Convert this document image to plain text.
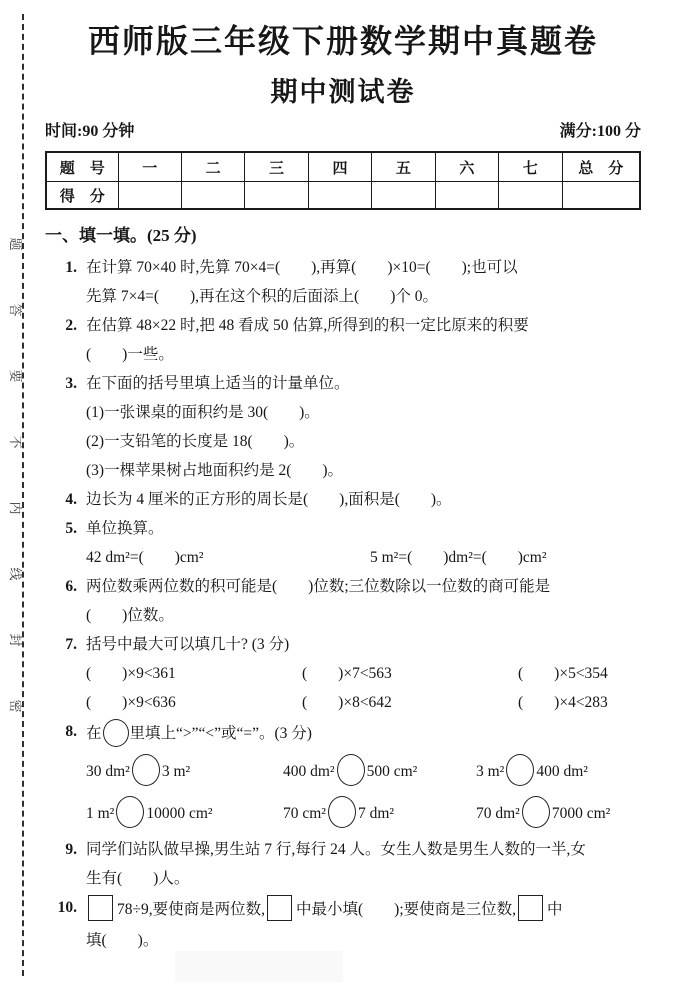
题
答
要
不
内
线
封
密
西师版三年级下册数学期中真题卷
期中测试卷
时间:90 分钟	满分:100 分
题　号	一	二	三	四	五	六	七	总　分
得　分								
一、填一填。(25 分)
1. 在计算 70×40 时,先算 70×4=(　　),再算(　　)×10=(　　);也可以
先算 7×4=(　　),再在这个积的后面添上(　　)个 0。
2. 在估算 48×22 时,把 48 看成 50 估算,所得到的积一定比原来的积要
(　　)一些。
3. 在下面的括号里填上适当的计量单位。
(1)一张课桌的面积约是 30(　　)。
(2)一支铅笔的长度是 18(　　)。
(3)一棵苹果树占地面积约是 2(　　)。
4. 边长为 4 厘米的正方形的周长是(　　),面积是(　　)。
5. 单位换算。
42 dm²=(　　)cm²	5 m²=(　　)dm²=(　　)cm²
6. 两位数乘两位数的积可能是(　　)位数;三位数除以一位数的商可能是
(　　)位数。
7. 括号中最大可以填几十? (3 分)
(　　)×9<361	(　　)×7<563	(　　)×5<354
(　　)×9<636	(　　)×8<642	(　　)×4<283
8. 在 里填上“>”“<”或“=”。(3 分)
30 dm² 3 m²	400 dm² 500 cm²	3 m² 400 dm²
1 m² 10000 cm²	70 cm² 7 dm²	70 dm² 7000 cm²
9. 同学们站队做早操,男生站 7 行,每行 24 人。女生人数是男生人数的一半,女
生有(　　)人。
10.	78÷9,要使商是两位数, 中最小填(　　);要使商是三位数, 中
填(　　)。
